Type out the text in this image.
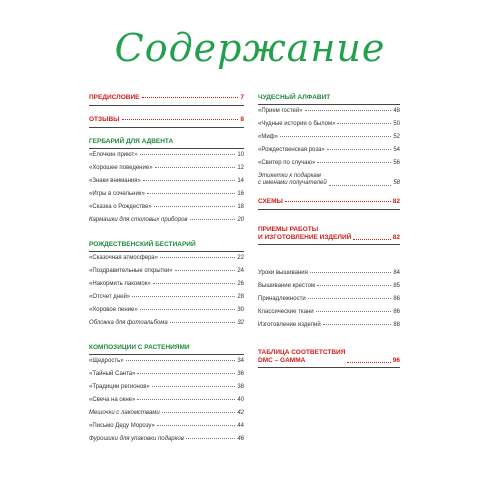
Содержание
ПРЕДИСЛОВИЕ	7
ОТЗЫВЫ	8
ГЕРБАРИЙ ДЛЯ АДВЕНТА
«Елочкин приют»	10
«Хорошее поведение»	12
«Знаки внимания»	14
«Игры в сочельник»	16
«Сказка о Рождестве»	18
Кармашки для столовых приборов	20
РОЖДЕСТВЕНСКИЙ БЕСТИАРИЙ
«Сказочная атмосфера»	22
«Поздравительные открытки»	24
«Накормить лакомок»	26
«Отсчет дней»	28
«Хоровое пение»	30
Обложка для фотоальбома	32
КОМПОЗИЦИИ С РАСТЕНИЯМИ
«Щедрость»	34
«Тайный Санта»	36
«Традиции регионов»	38
«Свеча на окне»	40
Мешочки с лакомствами	42
«Письмо Деду Морозу»	44
Фурошики для упаковки подарков	46
ЧУДЕСНЫЙ АЛФАВИТ
«Прием гостей»	48
«Чудные истории о былом»	50
«Миф»	52
«Рождественская роза»	54
«Свитер по случаю»	56
Этикетки к подаркам
с именами получателей	58
СХЕМЫ	82
ПРИЕМЫ РАБОТЫ
И ИЗГОТОВЛЕНИЕ ИЗДЕЛИЙ	82
Уроки вышивания	84
Вышивание крестом	85
Принадлежности	86
Классические ткани	86
Изготовление изделий	88
ТАБЛИЦА СООТВЕТСТВИЯ
DMC – GAMMA	96
